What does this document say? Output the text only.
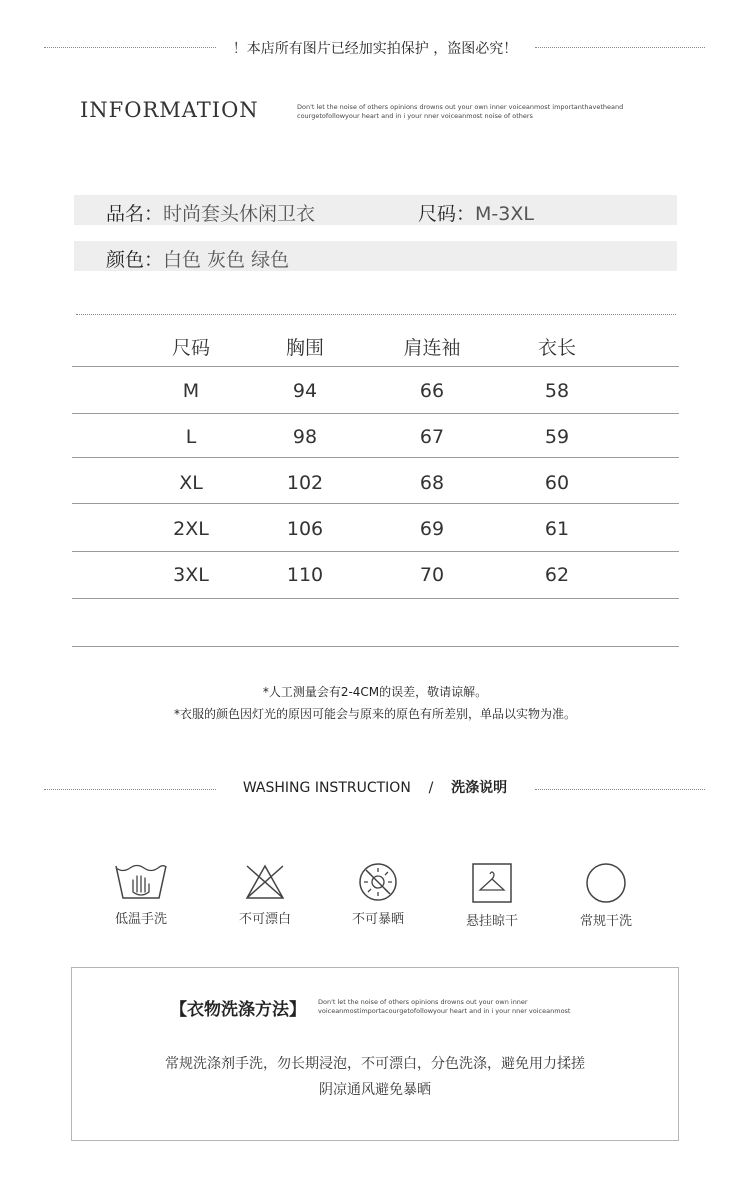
！本店所有图片已经加实拍保护 ，盗图必究！
INFORMATION	Don't let the noise of others opinions drowns out your own inner voiceanmost importanthavetheand
courgetofollowyour heart and in i your nner voiceanmost noise of others
品名：时尚套头休闲卫衣	尺码：M-3XL
颜色：白色 灰色 绿色
尺码	胸围	肩连袖	衣长
M	94	66	58
L	98	67	59
XL	102	68	60
2XL	106	69	61
3XL	110	70	62
*人工测量会有2-4CM的误差，敬请谅解。
*衣服的颜色因灯光的原因可能会与原来的原色有所差别，单品以实物为准。
WASHING INSTRUCTION / 洗涤说明
低温手洗	不可漂白	不可暴晒	悬挂晾干	常规干洗
【衣物洗涤方法】 Don't let the noise of others opinions drowns out your own inner
voiceanmostimportacourgetofollowyour heart and in i your nner voiceanmost
常规洗涤剂手洗，勿长期浸泡，不可漂白，分色洗涤，避免用力揉搓
阴凉通风避免暴晒
